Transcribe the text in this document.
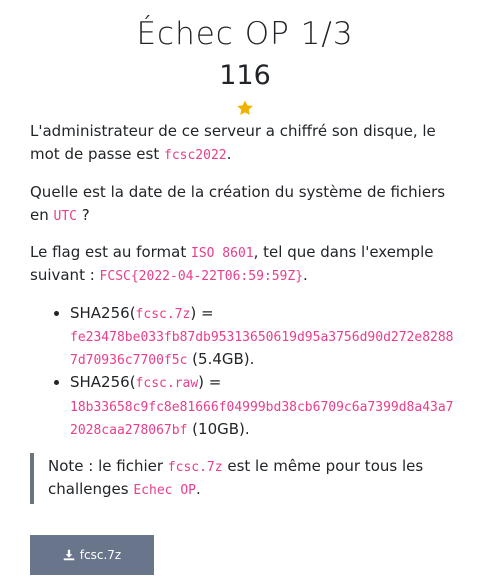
Échec OP 1/3
116

L'administrateur de ce serveur a chiffré son disque, le mot de passe est fcsc2022.

Quelle est la date de la création du système de fichiers en UTC ?

Le flag est au format ISO 8601, tel que dans l'exemple suivant : FCSC{2022-04-22T06:59:59Z}.

• SHA256(fcsc.7z) =
fe23478be033fb87db95313650619d95a3756d90d272e82887d70936c7700f5c (5.4GB).
• SHA256(fcsc.raw) =
18b33658c9fc8e81666f04999bd38cb6709c6a7399d8a43a72028caa278067bf (10GB).
Note : le fichier fcsc.7z est le même pour tous les challenges Echec OP.
fcsc.7z
